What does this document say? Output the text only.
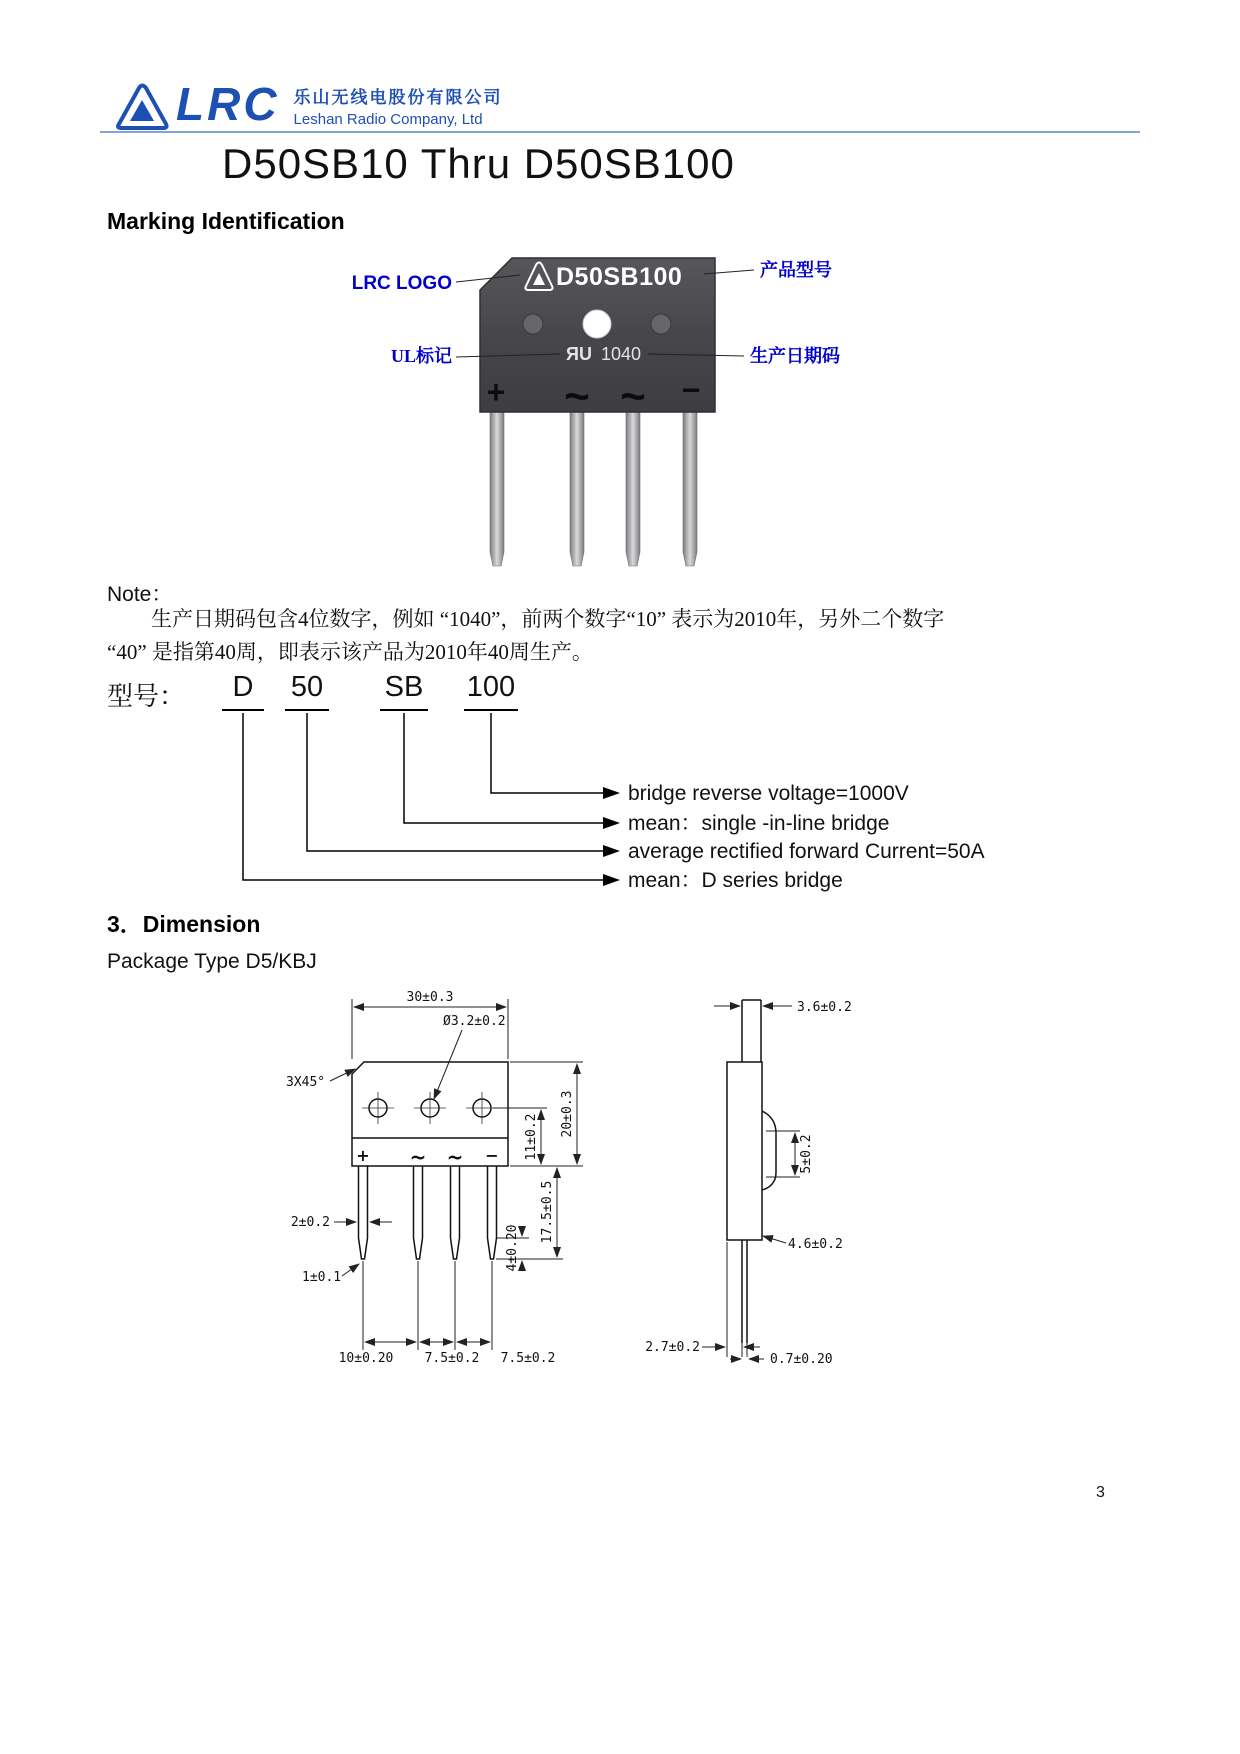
LRC 乐山无线电股份有限公司
Leshan Radio Company, Ltd
D50SB10 Thru D50SB100
Marking Identification
D50SB100
ЯU 1040
+ ~ ~ −
LRC LOGO
产品型号
UL标记	生产日期码
Note：
生产日期码包含4位数字，例如 “1040”，前两个数字“10” 表示为2010年，另外二个数字
“40” 是指第40周，即表示该产品为2010年40周生产。
型号：	D	50 SB 100
bridge reverse voltage=1000V
mean：single -in-line bridge
average rectified forward Current=50A
mean：D series bridge
3．Dimension
Package Type D5/KBJ
+ ~ ~ −
30±0.3
Ø3.2±0.2
3X45°
11±0.2 20±0.3
17.5±0.5
4±0.20
2±0.2
1±0.1
10±0.20 7.5±0.2 7.5±0.2
3.6±0.2
5±0.2
4.6±0.2
2.7±0.2
0.7±0.20
3
